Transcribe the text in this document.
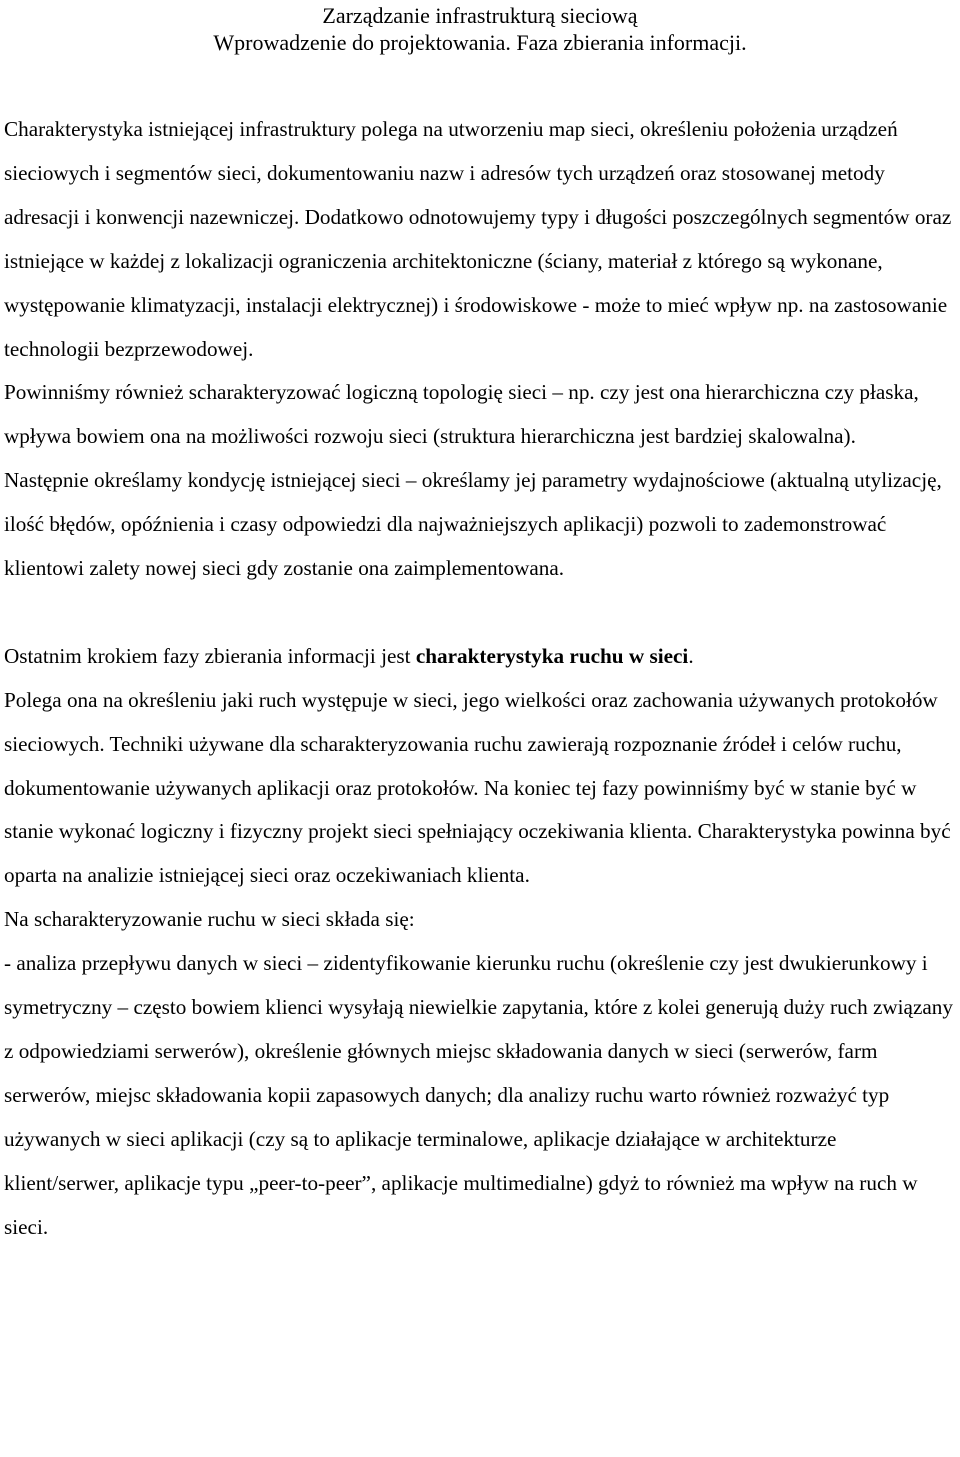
Zarządzanie infrastrukturą sieciową
Wprowadzenie do projektowania. Faza zbierania informacji.

Charakterystyka istniejącej infrastruktury polega na utworzeniu map sieci, określeniu położenia urządzeń sieciowych i segmentów sieci, dokumentowaniu nazw i adresów tych urządzeń oraz stosowanej metody adresacji i konwencji nazewniczej. Dodatkowo odnotowujemy typy i długości poszczególnych segmentów oraz istniejące w każdej z lokalizacji ograniczenia architektoniczne (ściany, materiał z którego są wykonane, występowanie klimatyzacji, instalacji elektrycznej) i środowiskowe - może to mieć wpływ np. na zastosowanie technologii bezprzewodowej.

Powinniśmy również scharakteryzować logiczną topologię sieci – np. czy jest ona hierarchiczna czy płaska, wpływa bowiem ona na możliwości rozwoju sieci (struktura hierarchiczna jest bardziej skalowalna).

Następnie określamy kondycję istniejącej sieci – określamy jej parametry wydajnościowe (aktualną utylizację, ilość błędów, opóźnienia i czasy odpowiedzi dla najważniejszych aplikacji) pozwoli to zademonstrować klientowi zalety nowej sieci gdy zostanie ona zaimplementowana.

Ostatnim krokiem fazy zbierania informacji jest charakterystyka ruchu w sieci.

Polega ona na określeniu jaki ruch występuje w sieci, jego wielkości oraz zachowania używanych protokołów sieciowych. Techniki używane dla scharakteryzowania ruchu zawierają rozpoznanie źródeł i celów ruchu, dokumentowanie używanych aplikacji oraz protokołów. Na koniec tej fazy powinniśmy być w stanie być w stanie wykonać logiczny i fizyczny projekt sieci spełniający oczekiwania klienta. Charakterystyka powinna być oparta na analizie istniejącej sieci oraz oczekiwaniach klienta.

Na scharakteryzowanie ruchu w sieci składa się:

- analiza przepływu danych w sieci – zidentyfikowanie kierunku ruchu (określenie czy jest dwukierunkowy i symetryczny – często bowiem klienci wysyłają niewielkie zapytania, które z kolei generują duży ruch związany z odpowiedziami serwerów), określenie głównych miejsc składowania danych w sieci (serwerów, farm serwerów, miejsc składowania kopii zapasowych danych; dla analizy ruchu warto również rozważyć typ używanych w sieci aplikacji (czy są to aplikacje terminalowe, aplikacje działające w architekturze klient/serwer, aplikacje typu „peer-to-peer”, aplikacje multimedialne) gdyż to również ma wpływ na ruch w sieci.
